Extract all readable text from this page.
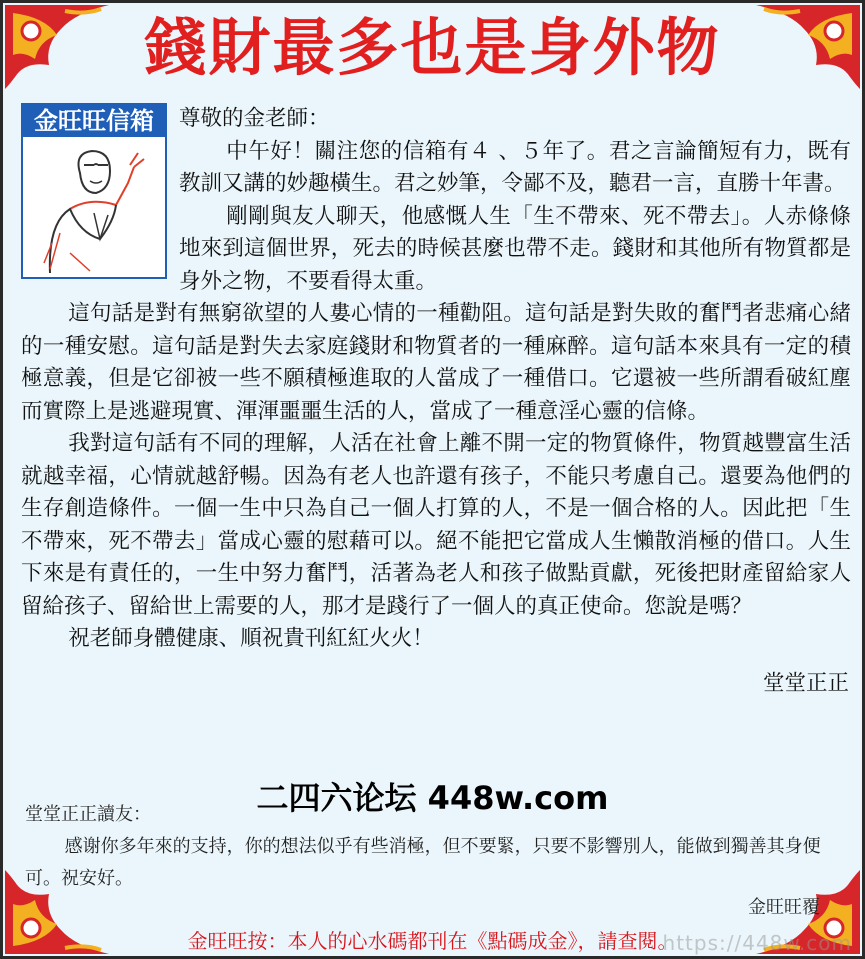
錢財最多也是身外物
金旺旺信箱	尊敬的金老師：

中午好！關注您的信箱有４ 、５年了。君之言論簡短有力，既有教訓又講的妙趣橫生。君之妙筆，令鄙不及，聽君一言，直勝十年書。

剛剛與友人聊天，他感慨人生「生不帶來、死不帶去」。人赤條條地來到這個世界，死去的時候甚麼也帶不走。錢財和其他所有物質都是身外之物，不要看得太重。

這句話是對有無窮欲望的人婁心情的一種勸阻。這句話是對失敗的奮鬥者悲痛心緒的一種安慰。這句話是對失去家庭錢財和物質者的一種麻醉。這句話本來具有一定的積極意義，但是它卻被一些不願積極進取的人當成了一種借口。它還被一些所謂看破紅塵而實際上是逃避現實、渾渾噩噩生活的人，當成了一種意淫心靈的信條。

我對這句話有不同的理解，人活在社會上離不開一定的物質條件，物質越豐富生活就越幸福，心情就越舒暢。因為有老人也許還有孩子，不能只考慮自己。還要為他們的生存創造條件。一個一生中只為自己一個人打算的人，不是一個合格的人。因此把「生不帶來，死不帶去」當成心靈的慰藉可以。絕不能把它當成人生懶散消極的借口。人生下來是有責任的，一生中努力奮鬥，活著為老人和孩子做點貢獻，死後把財產留給家人留給孩子、留給世上需要的人，那才是踐行了一個人的真正使命。您說是嗎？

祝老師身體健康、順祝貴刊紅紅火火！

堂堂正正
二四六论坛 448w.com

堂堂正正讀友：

感谢你多年來的支持，你的想法似乎有些消極，但不要緊，只要不影響別人，能做到獨善其身便可。祝安好。

金旺旺覆
金旺旺按：本人的心水碼都刊在《點碼成金》，請查閱。
https://448w.com
